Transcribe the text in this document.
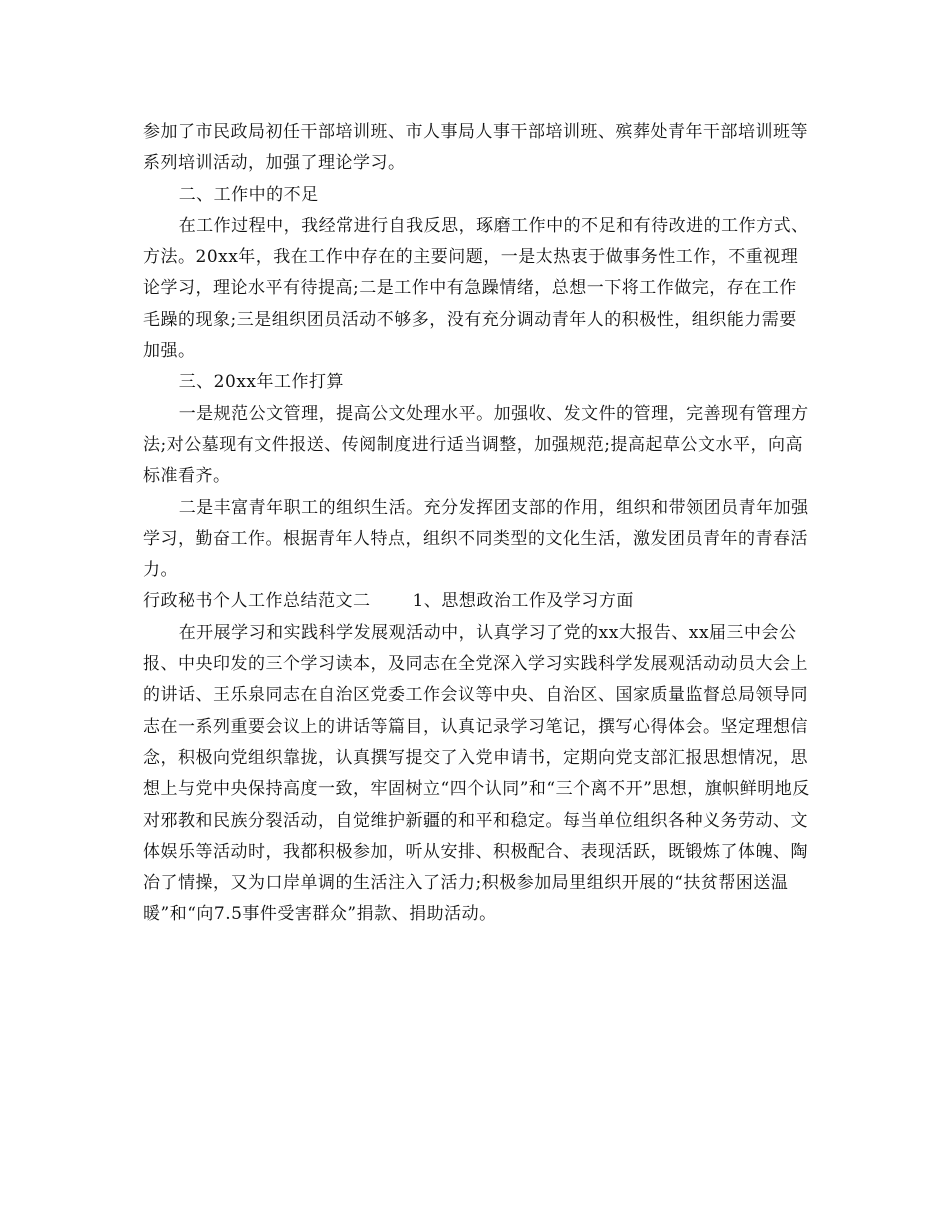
参加了市民政局初任干部培训班、市人事局人事干部培训班、殡葬处青年干部培训班等系列培训活动，加强了理论学习。

二、工作中的不足

在工作过程中，我经常进行自我反思，琢磨工作中的不足和有待改进的工作方式、方法。20xx年，我在工作中存在的主要问题，一是太热衷于做事务性工作，不重视理论学习，理论水平有待提高;二是工作中有急躁情绪，总想一下将工作做完，存在工作毛躁的现象;三是组织团员活动不够多，没有充分调动青年人的积极性，组织能力需要加强。

三、20xx年工作打算

一是规范公文管理，提高公文处理水平。加强收、发文件的管理，完善现有管理方法;对公墓现有文件报送、传阅制度进行适当调整，加强规范;提高起草公文水平，向高标准看齐。

二是丰富青年职工的组织生活。充分发挥团支部的作用，组织和带领团员青年加强学习，勤奋工作。根据青年人特点，组织不同类型的文化生活，激发团员青年的青春活力。

行政秘书个人工作总结范文二 1、思想政治工作及学习方面

在开展学习和实践科学发展观活动中，认真学习了党的xx大报告、xx届三中会公报、中央印发的三个学习读本，及同志在全党深入学习实践科学发展观活动动员大会上的讲话、王乐泉同志在自治区党委工作会议等中央、自治区、国家质量监督总局领导同志在一系列重要会议上的讲话等篇目，认真记录学习笔记，撰写心得体会。坚定理想信念，积极向党组织靠拢，认真撰写提交了入党申请书，定期向党支部汇报思想情况，思想上与党中央保持高度一致，牢固树立“四个认同”和“三个离不开”思想，旗帜鲜明地反对邪教和民族分裂活动，自觉维护新疆的和平和稳定。每当单位组织各种义务劳动、文体娱乐等活动时，我都积极参加，听从安排、积极配合、表现活跃，既锻炼了体魄、陶冶了情操，又为口岸单调的生活注入了活力;积极参加局里组织开展的“扶贫帮困送温暖”和“向7.5事件受害群众”捐款、捐助活动。
